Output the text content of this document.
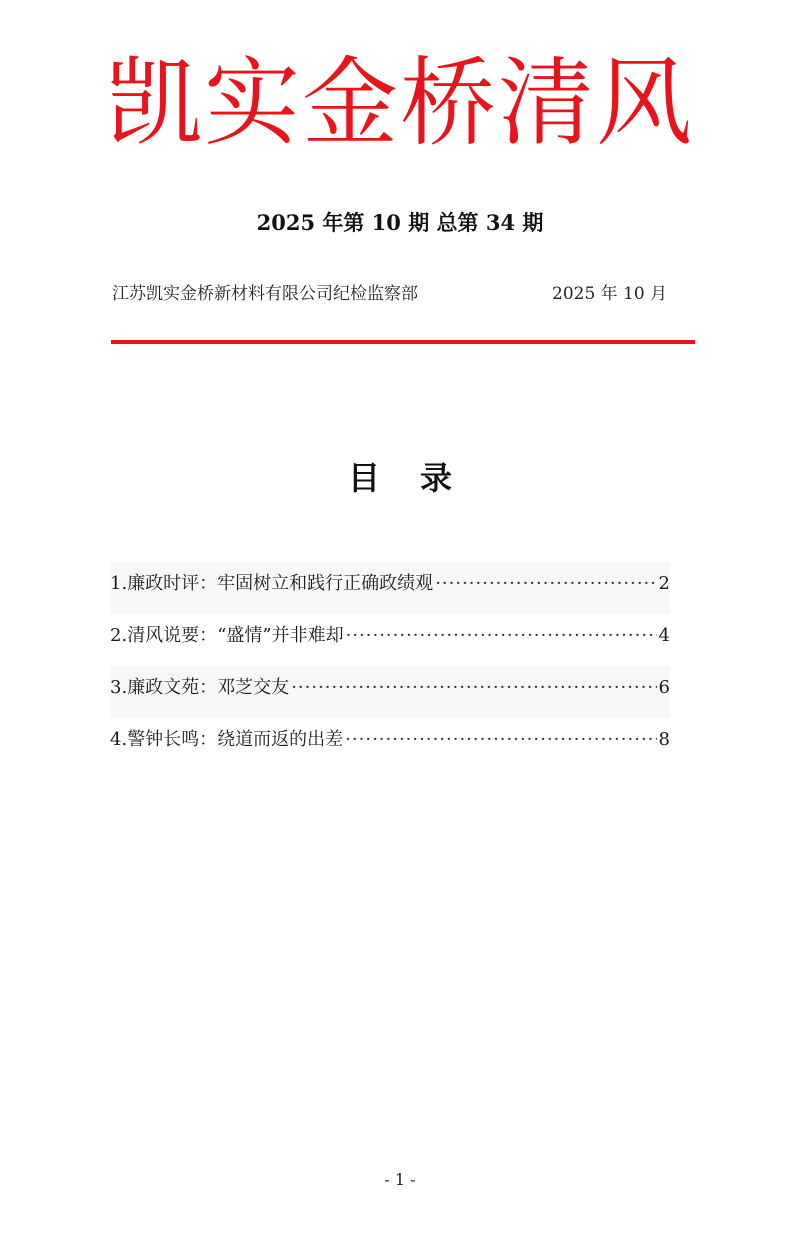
凯实金桥清风
2025 年第 10 期 总第 34 期
江苏凯实金桥新材料有限公司纪检监察部	2025 年 10 月
目 录
1. 廉政时评： 牢固树立和践行正确政绩观 ·····	2
2. 清风说要： “盛情”并非难却 ·····	4
3. 廉政文苑： 邓芝交友 ·····	6
4. 警钟长鸣： 绕道而返的出差 ·····	8
- 1 -
